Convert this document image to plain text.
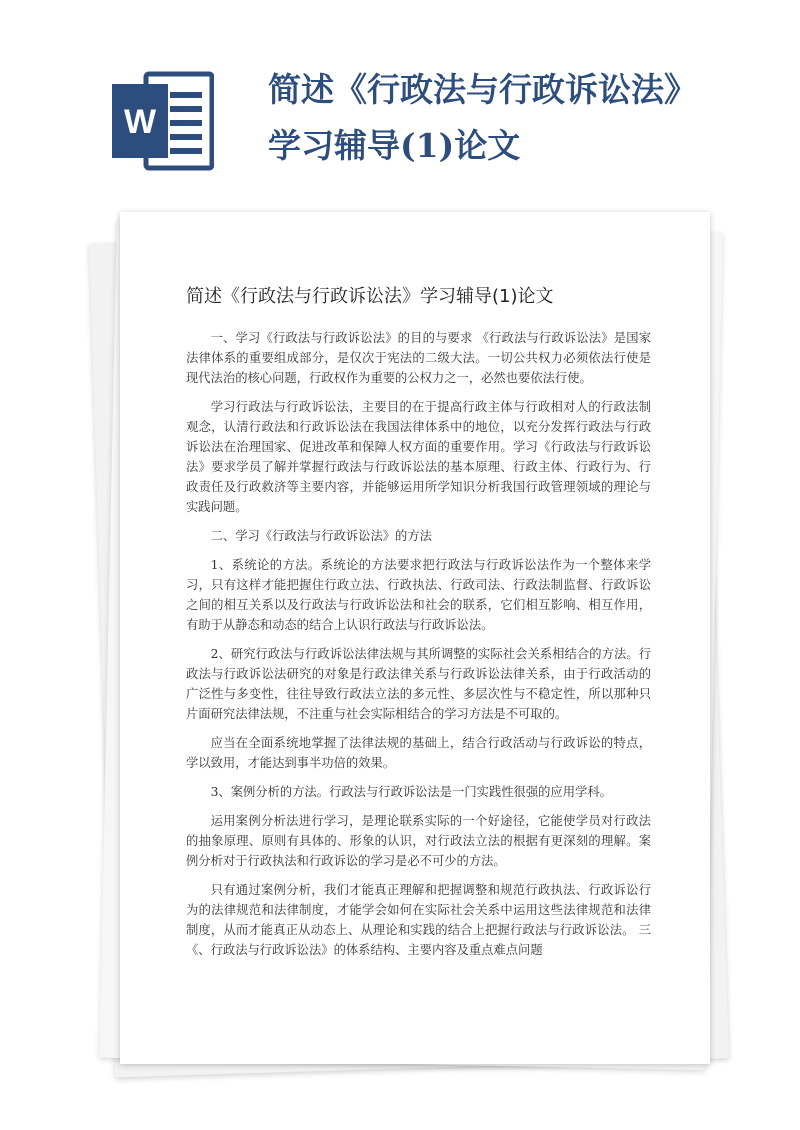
W
简述《行政法与行政诉讼法》
学习辅导(1)论文
简述《行政法与行政诉讼法》学习辅导(1)论文

一、学习《行政法与行政诉讼法》的目的与要求 《行政法与行政诉讼法》是国家法律体系的重要组成部分，是仅次于宪法的二级大法。一切公共权力必须依法行使是现代法治的核心问题，行政权作为重要的公权力之一，必然也要依法行使。

学习行政法与行政诉讼法，主要目的在于提高行政主体与行政相对人的行政法制观念，认清行政法和行政诉讼法在我国法律体系中的地位，以充分发挥行政法与行政诉讼法在治理国家、促进改革和保障人权方面的重要作用。学习《行政法与行政诉讼法》要求学员了解并掌握行政法与行政诉讼法的基本原理、行政主体、行政行为、行政责任及行政救济等主要内容，并能够运用所学知识分析我国行政管理领域的理论与实践问题。

二、学习《行政法与行政诉讼法》的方法

1、系统论的方法。系统论的方法要求把行政法与行政诉讼法作为一个整体来学习，只有这样才能把握住行政立法、行政执法、行政司法、行政法制监督、行政诉讼之间的相互关系以及行政法与行政诉讼法和社会的联系，它们相互影响、相互作用，有助于从静态和动态的结合上认识行政法与行政诉讼法。

2、研究行政法与行政诉讼法律法规与其所调整的实际社会关系相结合的方法。行政法与行政诉讼法研究的对象是行政法律关系与行政诉讼法律关系，由于行政活动的广泛性与多变性，往往导致行政法立法的多元性、多层次性与不稳定性，所以那种只片面研究法律法规，不注重与社会实际相结合的学习方法是不可取的。

应当在全面系统地掌握了法律法规的基础上，结合行政活动与行政诉讼的特点，学以致用，才能达到事半功倍的效果。

3、案例分析的方法。行政法与行政诉讼法是一门实践性很强的应用学科。

运用案例分析法进行学习，是理论联系实际的一个好途径，它能使学员对行政法的抽象原理、原则有具体的、形象的认识，对行政法立法的根据有更深刻的理解。案例分析对于行政执法和行政诉讼的学习是必不可少的方法。

只有通过案例分析，我们才能真正理解和把握调整和规范行政执法、行政诉讼行为的法律规范和法律制度，才能学会如何在实际社会关系中运用这些法律规范和法律制度，从而才能真正从动态上、从理论和实践的结合上把握行政法与行政诉讼法。 三《、行政法与行政诉讼法》的体系结构、主要内容及重点难点问题
